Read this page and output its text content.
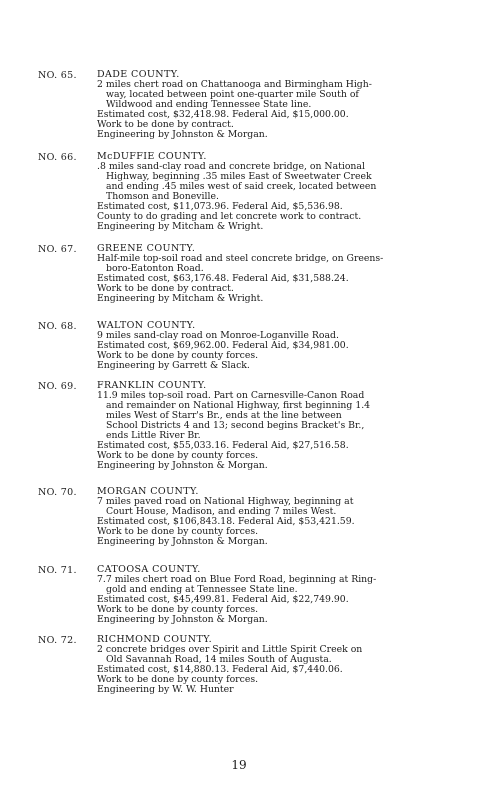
NO. 65. DADE COUNTY.
2 miles chert road on Chattanooga and Birmingham High-
way, located between point one-quarter mile South of
Wildwood and ending Tennessee State line.
Estimated cost, $32,418.98. Federal Aid, $15,000.00.
Work to be done by contract.
Engineering by Johnston & Morgan.
NO. 66. McDUFFIE COUNTY.
.8 miles sand-clay road and concrete bridge, on National
Highway, beginning .35 miles East of Sweetwater Creek
and ending .45 miles west of said creek, located between
Thomson and Boneville.
Estimated cost, $11,073.96. Federal Aid, $5,536.98.
County to do grading and let concrete work to contract.
Engineering by Mitcham & Wright.
NO. 67. GREENE COUNTY.
Half-mile top-soil road and steel concrete bridge, on Greens-
boro-Eatonton Road.
Estimated cost, $63,176.48. Federal Aid, $31,588.24.
Work to be done by contract.
Engineering by Mitcham & Wright.
NO. 68. WALTON COUNTY.
9 miles sand-clay road on Monroe-Loganville Road.
Estimated cost, $69,962.00. Federal Aid, $34,981.00.
Work to be done by county forces.
Engineering by Garrett & Slack.
NO. 69. FRANKLIN COUNTY.
11.9 miles top-soil road. Part on Carnesville-Canon Road
and remainder on National Highway, first beginning 1.4
miles West of Starr's Br., ends at the line between
School Districts 4 and 13; second begins Bracket's Br.,
ends Little River Br.
Estimated cost, $55,033.16. Federal Aid, $27,516.58.
Work to be done by county forces.
Engineering by Johnston & Morgan.
NO. 70. MORGAN COUNTY.
7 miles paved road on National Highway, beginning at
Court House, Madison, and ending 7 miles West.
Estimated cost, $106,843.18. Federal Aid, $53,421.59.
Work to be done by county forces.
Engineering by Johnston & Morgan.
NO. 71. CATOOSA COUNTY.
7.7 miles chert road on Blue Ford Road, beginning at Ring-
gold and ending at Tennessee State line.
Estimated cost, $45,499.81. Federal Aid, $22,749.90.
Work to be done by county forces.
Engineering by Johnston & Morgan.
NO. 72. RICHMOND COUNTY.
2 concrete bridges over Spirit and Little Spirit Creek on
Old Savannah Road, 14 miles South of Augusta.
Estimated cost, $14,880.13. Federal Aid, $7,440.06.
Work to be done by county forces.
Engineering by W. W. Hunter
19
